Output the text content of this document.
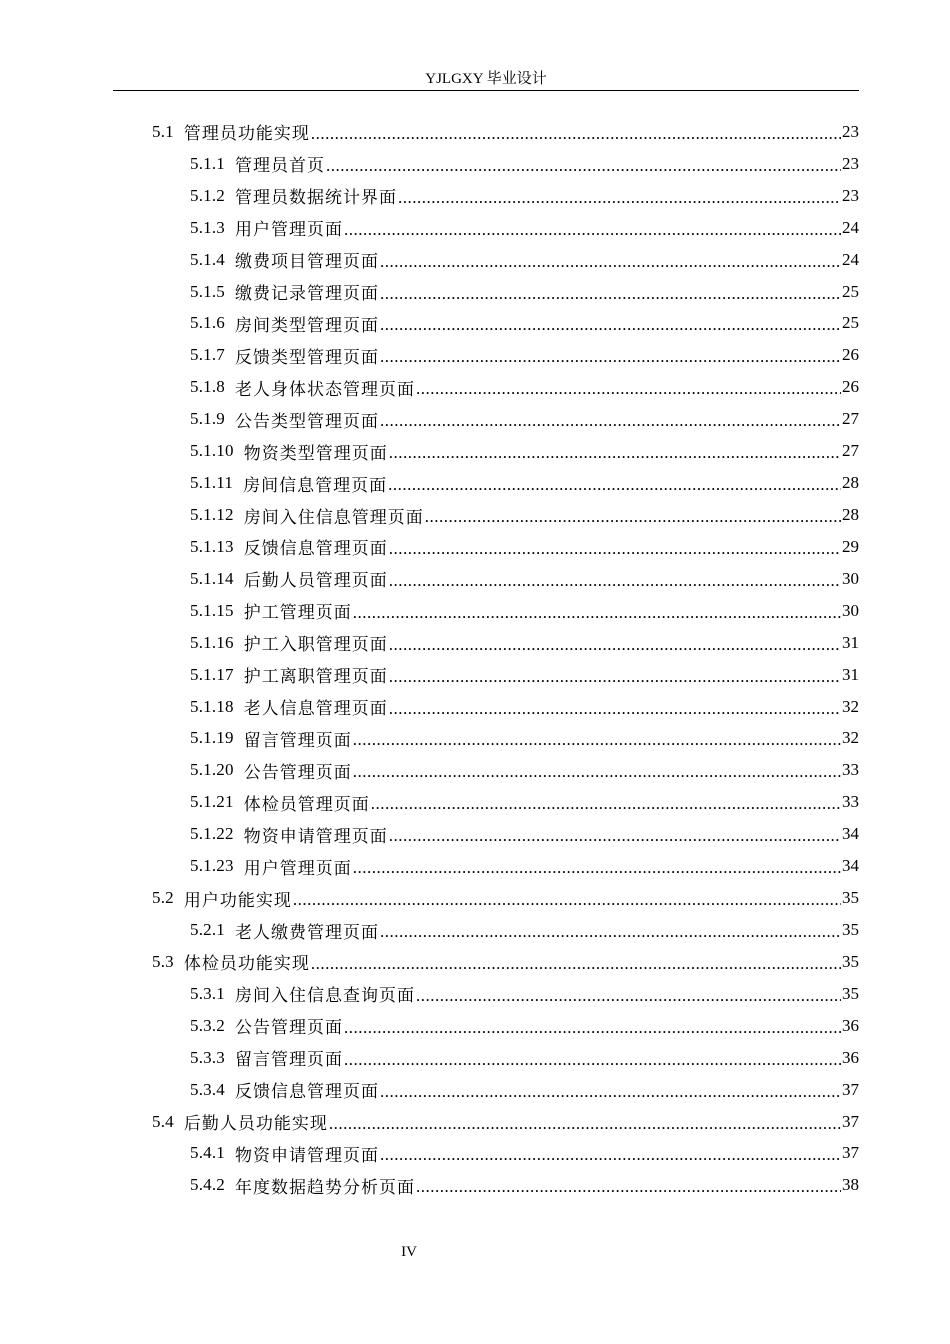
YJLGXY 毕业设计
5.1 管理员功能实现 .....	23
5.1.1 管理员首页 .....	23
5.1.2 管理员数据统计界面 .....	23
5.1.3 用户管理页面 .....	24
5.1.4 缴费项目管理页面 .....	24
5.1.5 缴费记录管理页面 .....	25
5.1.6 房间类型管理页面 .....	25
5.1.7 反馈类型管理页面 .....	26
5.1.8 老人身体状态管理页面 .....	26
5.1.9 公告类型管理页面 .....	27
5.1.10 物资类型管理页面 .....	27
5.1.11 房间信息管理页面 .....	28
5.1.12 房间入住信息管理页面 .....	28
5.1.13 反馈信息管理页面 .....	29
5.1.14 后勤人员管理页面 .....	30
5.1.15 护工管理页面 .....	30
5.1.16 护工入职管理页面 .....	31
5.1.17 护工离职管理页面 .....	31
5.1.18 老人信息管理页面 .....	32
5.1.19 留言管理页面 .....	32
5.1.20 公告管理页面 .....	33
5.1.21 体检员管理页面 .....	33
5.1.22 物资申请管理页面 .....	34
5.1.23 用户管理页面 .....	34
5.2 用户功能实现 .....	35
5.2.1 老人缴费管理页面 .....	35
5.3 体检员功能实现 .....	35
5.3.1 房间入住信息查询页面 .....	35
5.3.2 公告管理页面 .....	36
5.3.3 留言管理页面 .....	36
5.3.4 反馈信息管理页面 .....	37
5.4 后勤人员功能实现 .....	37
5.4.1 物资申请管理页面 .....	37
5.4.2 年度数据趋势分析页面 .....	38
IV
